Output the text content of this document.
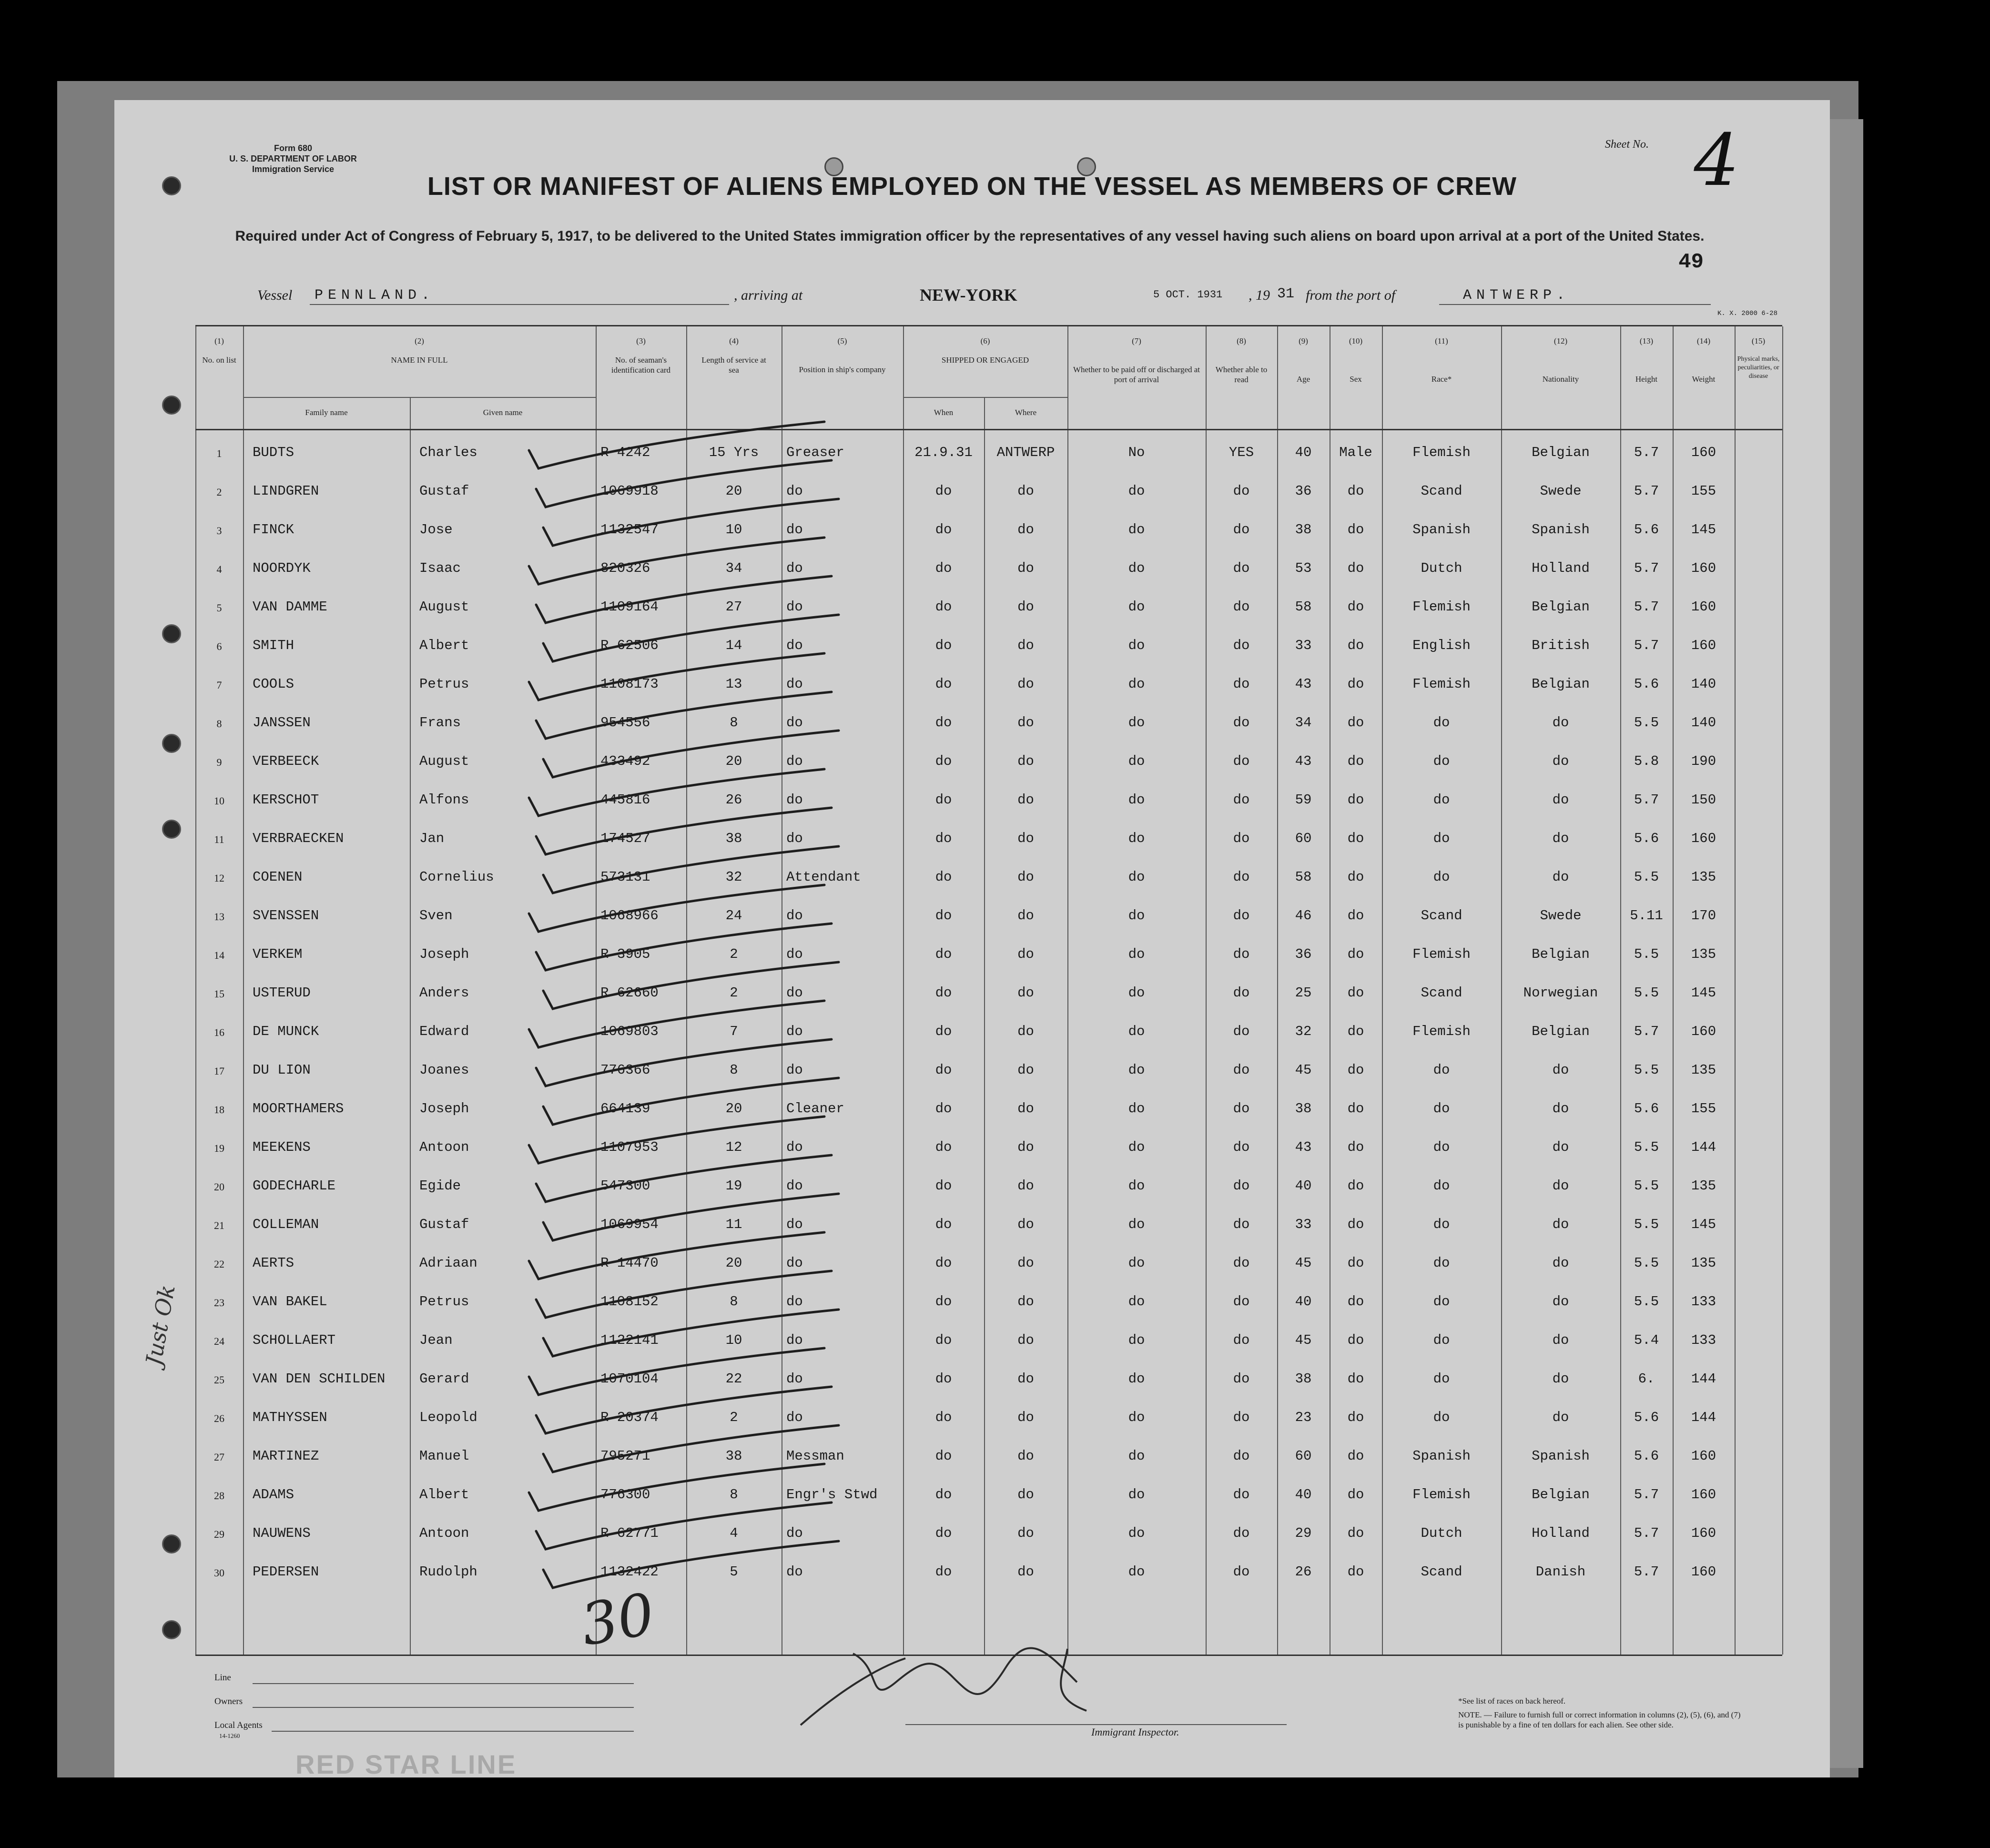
Form 680
U. S. DEPARTMENT OF LABOR
Immigration Service
Sheet No. 4
49
LIST OR MANIFEST OF ALIENS EMPLOYED ON THE VESSEL AS MEMBERS OF CREW
Required under Act of Congress of February 5, 1917, to be delivered to the United States immigration officer by the representatives of any vessel having such aliens on board upon arrival at a port of the United States.
Vessel PENNLAND.	, arriving at	NEW-YORK	5 OCT. 1931 , 19 31 from the port of	ANTWERP.
K. X. 2000 6-28
(1)
No. on list
(2)
NAME IN FULL
Family name	Given name
(3)
No. of seaman's identification card
(4)
Length of service at sea
(5)
Position in ship's company
(6)
SHIPPED OR ENGAGED
When	Where
(7)
Whether to be paid off or discharged at port of arrival
(8)
Whether able to read
(9)
Age
(10)
Sex
(11)
Race*
(12)
Nationality
(13)
Height
(14)
Weight
(15)
Physical marks, peculiarities, or disease
1	BUDTS	Charles	R 4242	15 Yrs	Greaser	21.9.31	ANTWERP	No	YES	40	Male	Flemish	Belgian	5.7	160
2	LINDGREN	Gustaf	1069918	20	do	do	do	do	do	36	do	Scand	Swede	5.7	155
3	FINCK	Jose	1132547	10	do	do	do	do	do	38	do	Spanish	Spanish	5.6	145
4	NOORDYK	Isaac	820326	34	do	do	do	do	do	53	do	Dutch	Holland	5.7	160
5	VAN DAMME	August	1109164	27	do	do	do	do	do	58	do	Flemish	Belgian	5.7	160
6	SMITH	Albert	R 62506	14	do	do	do	do	do	33	do	English	British	5.7	160
7	COOLS	Petrus	1108173	13	do	do	do	do	do	43	do	Flemish	Belgian	5.6	140
8	JANSSEN	Frans	954556	8	do	do	do	do	do	34	do	do	do	5.5	140
9	VERBEECK	August	433492	20	do	do	do	do	do	43	do	do	do	5.8	190
10	KERSCHOT	Alfons	445816	26	do	do	do	do	do	59	do	do	do	5.7	150
11	VERBRAECKEN	Jan	174527	38	do	do	do	do	do	60	do	do	do	5.6	160
12	COENEN	Cornelius	573131	32	Attendant	do	do	do	do	58	do	do	do	5.5	135
13	SVENSSEN	Sven	1068966	24	do	do	do	do	do	46	do	Scand	Swede	5.11	170
14	VERKEM	Joseph	R 3905	2	do	do	do	do	do	36	do	Flemish	Belgian	5.5	135
15	USTERUD	Anders	R 62660	2	do	do	do	do	do	25	do	Scand	Norwegian	5.5	145
16	DE MUNCK	Edward	1069803	7	do	do	do	do	do	32	do	Flemish	Belgian	5.7	160
17	DU LION	Joanes	776366	8	do	do	do	do	do	45	do	do	do	5.5	135
18	MOORTHAMERS	Joseph	664139	20	Cleaner	do	do	do	do	38	do	do	do	5.6	155
19	MEEKENS	Antoon	1107953	12	do	do	do	do	do	43	do	do	do	5.5	144
20	GODECHARLE	Egide	547300	19	do	do	do	do	do	40	do	do	do	5.5	135
21	COLLEMAN	Gustaf	1069954	11	do	do	do	do	do	33	do	do	do	5.5	145
22	AERTS	Adriaan	R 14470	20	do	do	do	do	do	45	do	do	do	5.5	135
23	VAN BAKEL	Petrus	1108152	8	do	do	do	do	do	40	do	do	do	5.5	133
24	SCHOLLAERT	Jean	1122141	10	do	do	do	do	do	45	do	do	do	5.4	133
25	VAN DEN SCHILDEN	Gerard	1070104	22	do	do	do	do	do	38	do	do	do	6.	144
26	MATHYSSEN	Leopold	R 20374	2	do	do	do	do	do	23	do	do	do	5.6	144
27	MARTINEZ	Manuel	795271	38	Messman	do	do	do	do	60	do	Spanish	Spanish	5.6	160
28	ADAMS	Albert	776300	8	Engr's Stwd	do	do	do	do	40	do	Flemish	Belgian	5.7	160
29	NAUWENS	Antoon	R 62771	4	do	do	do	do	do	29	do	Dutch	Holland	5.7	160
30	PEDERSEN	Rudolph	1132422	5	do	do	do	do	do	26	do	Scand	Danish	5.7	160
30
Just Ok
Line
Owners
Local Agents
14-1260	Immigrant Inspector.
*See list of races on back hereof.
NOTE. — Failure to furnish full or correct information in columns (2), (5), (6), and (7) is punishable by a fine of ten dollars for each alien. See other side.
RED STAR LINE
